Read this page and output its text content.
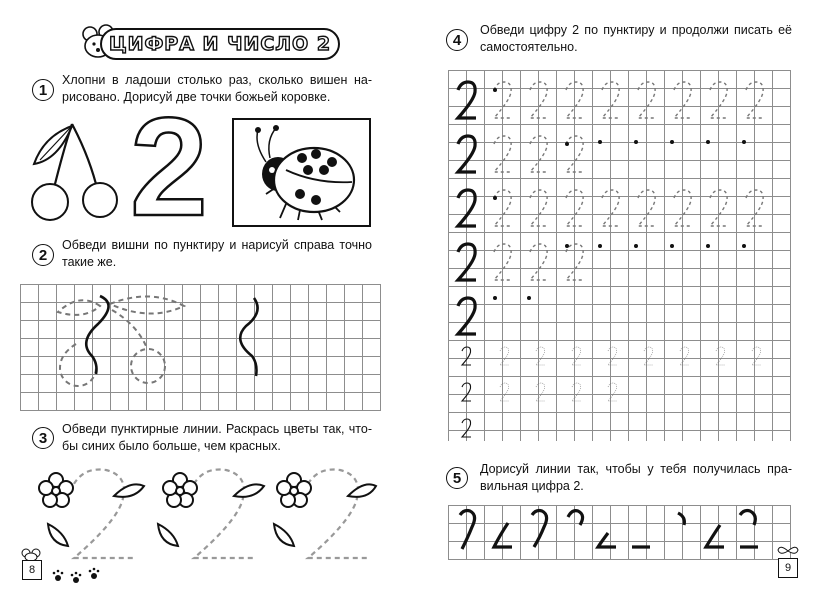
ЦИФРА И ЧИСЛО 2
1
Хлопни в ладоши столько раз, сколько вишен нарисовано. Дорисуй две точки божьей коровке.
2
2
Обведи вишни по пунктиру и нарисуй справа точно такие же.
3
Обведи пунктирные линии. Раскрась цветы так, чтобы синих было больше, чем красных.
8
4
Обведи цифру 2 по пунктиру и продолжи писать её самостоятельно.
5
Дорисуй линии так, чтобы у тебя получилась правильная цифра 2.
9
